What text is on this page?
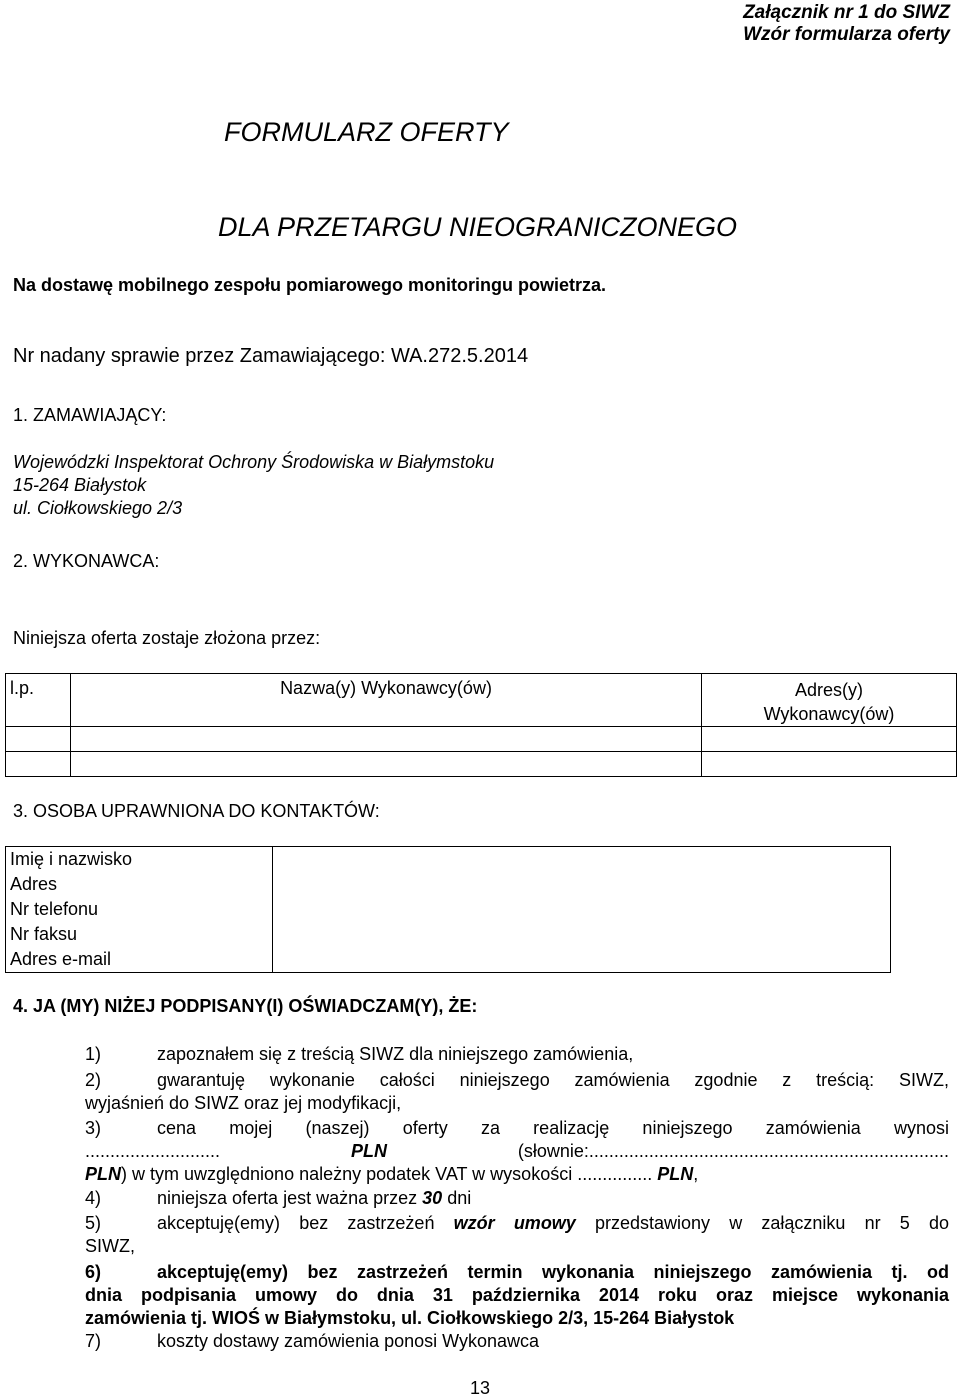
Załącznik nr 1 do SIWZ
Wzór formularza oferty
FORMULARZ OFERTY
DLA PRZETARGU NIEOGRANICZONEGO
Na dostawę mobilnego zespołu pomiarowego monitoringu powietrza.
Nr nadany sprawie przez Zamawiającego: WA.272.5.2014
1. ZAMAWIAJĄCY:
Wojewódzki Inspektorat Ochrony Środowiska w Białymstoku
15-264 Białystok
ul. Ciołkowskiego 2/3
2. WYKONAWCA:
Niniejsza oferta zostaje złożona przez:
l.p.	Nazwa(y) Wykonawcy(ów)	Adres(y)
Wykonawcy(ów)

3. OSOBA UPRAWNIONA DO KONTAKTÓW:
Imię i nazwisko
Adres
Nr telefonu
Nr faksu
Adres e-mail

4. JA (MY) NIŻEJ PODPISANY(I) OŚWIADCZAM(Y), ŻE:
1)	zapoznałem się z treścią SIWZ dla niniejszego zamówienia,
2)	gwarantuję wykonanie całości niniejszego zamówienia zgodnie z treścią: SIWZ,
wyjaśnień do SIWZ oraz jej modyfikacji,
3)	cena mojej (naszej) oferty za realizację niniejszego zamówienia wynosi
...........................	PLN	(słownie:........................................................................
PLN) w tym uwzględniono należny podatek VAT w wysokości ............... PLN,
4)	niniejsza oferta jest ważna przez 30 dni
5)	akceptuję(emy) bez zastrzeżeń wzór umowy przedstawiony w załączniku nr 5 do
SIWZ,
6)	akceptuję(emy) bez zastrzeżeń termin wykonania niniejszego zamówienia tj. od
dnia podpisania umowy do dnia 31 października 2014 roku oraz miejsce wykonania
zamówienia tj. WIOŚ w Białymstoku, ul. Ciołkowskiego 2/3, 15-264 Białystok
7)	koszty dostawy zamówienia ponosi Wykonawca
13
